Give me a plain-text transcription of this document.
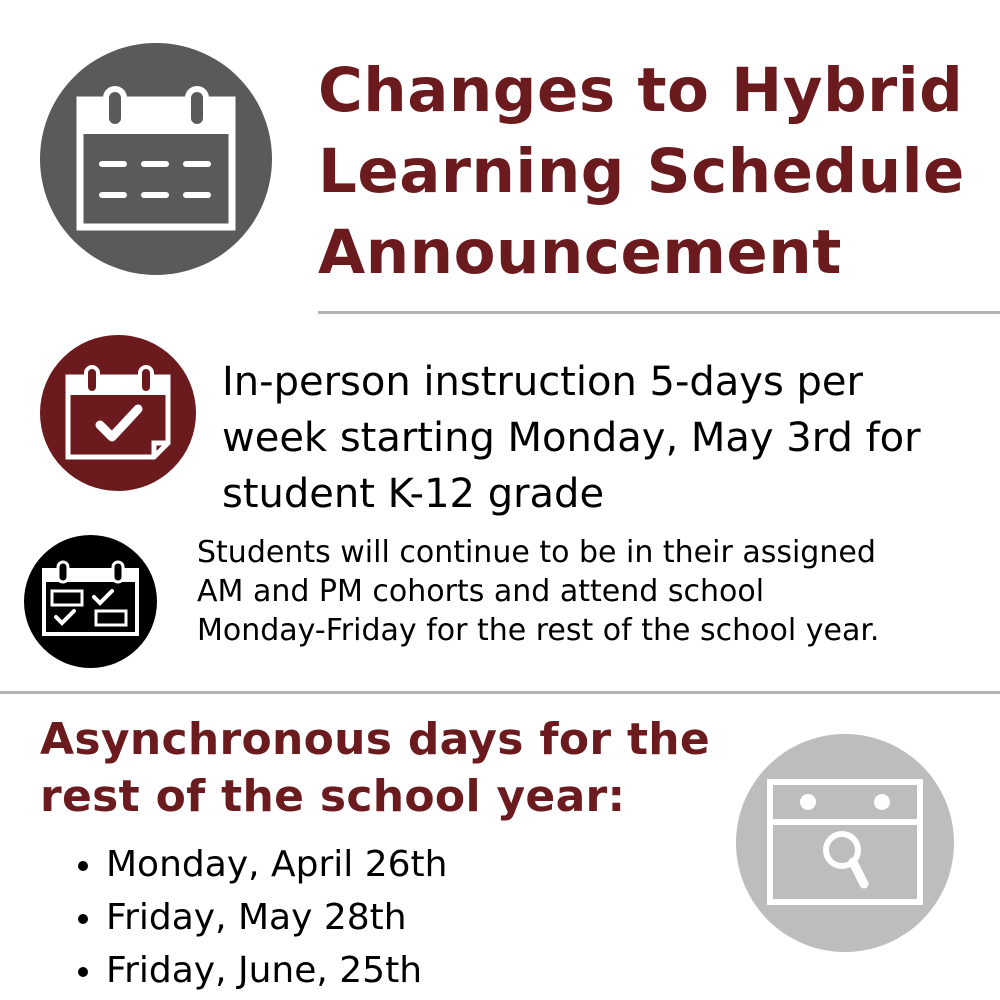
Changes to Hybrid
Learning Schedule
Announcement

In-person instruction 5-days per
week starting Monday, May 3rd for
student K-12 grade

Students will continue to be in their assigned
AM and PM cohorts and attend school
Monday-Friday for the rest of the school year.

Asynchronous days for the
rest of the school year:
Monday, April 26th
Friday, May 28th
Friday, June, 25th
